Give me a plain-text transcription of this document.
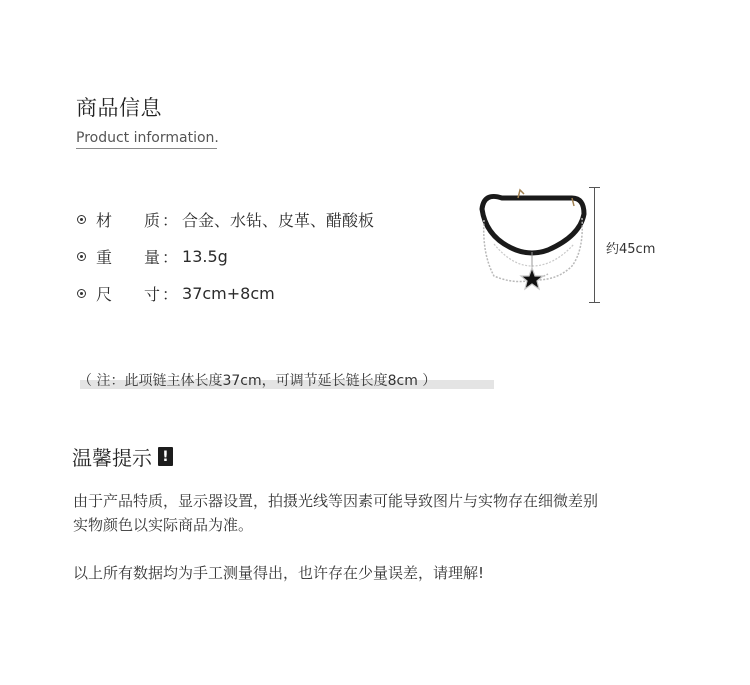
商品信息
Product information.
材 质 ： 合金、水钻、皮革、醋酸板
重 量 ： 13.5g
尺 寸 ： 37cm+8cm
约45cm
（ 注：此项链主体长度37cm，可调节延长链长度8cm ）
温馨提示 !
由于产品特质，显示器设置，拍摄光线等因素可能导致图片与实物存在细微差别
实物颜色以实际商品为准。
以上所有数据均为手工测量得出，也许存在少量误差，请理解!
